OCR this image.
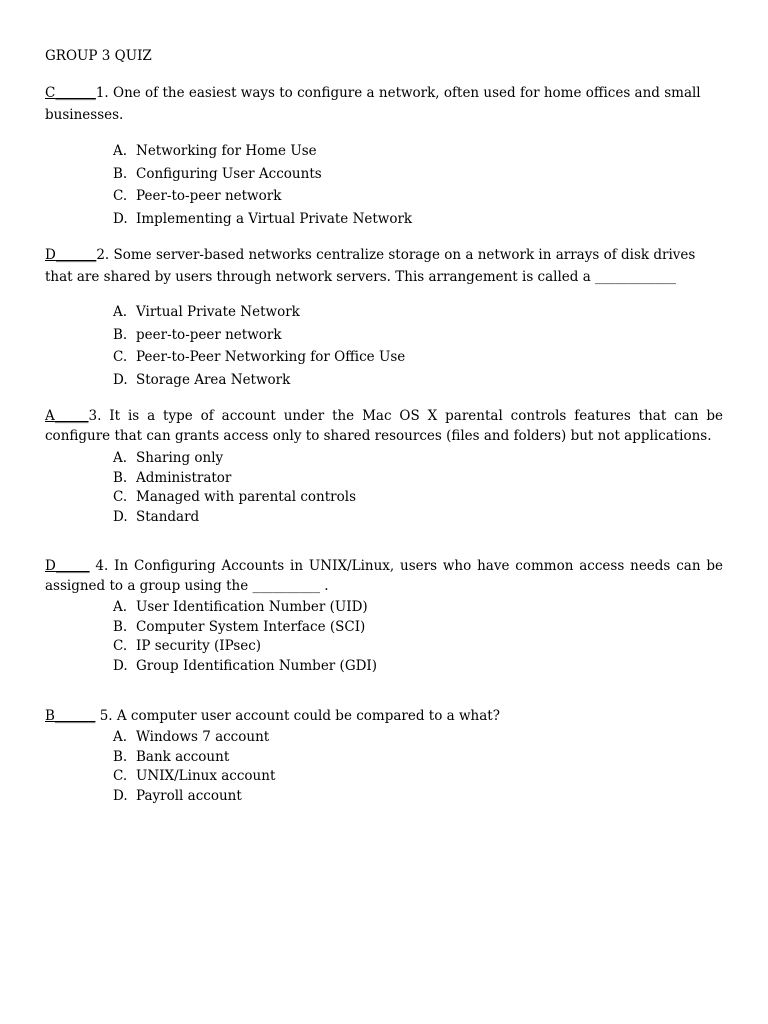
GROUP 3 QUIZ
C______1. One of the easiest ways to configure a network, often used for home offices and small businesses.
A. Networking for Home Use
B. Configuring User Accounts
C. Peer-to-peer network
D. Implementing a Virtual Private Network
D______2. Some server-based networks centralize storage on a network in arrays of disk drives that are shared by users through network servers. This arrangement is called a ____________
A. Virtual Private Network
B. peer-to-peer network
C. Peer-to-Peer Networking for Office Use
D. Storage Area Network
A_____3. It is a type of account under the Mac OS X parental controls features that can be configure that can grants access only to shared resources (files and folders) but not applications.
A. Sharing only
B. Administrator
C. Managed with parental controls
D. Standard
D_____ 4. In Configuring Accounts in UNIX/Linux, users who have common access needs can be assigned to a group using the __________ .
A. User Identification Number (UID)
B. Computer System Interface (SCI)
C. IP security (IPsec)
D. Group Identification Number (GDI)
B______ 5. A computer user account could be compared to a what?
A. Windows 7 account
B. Bank account
C. UNIX/Linux account
D. Payroll account
